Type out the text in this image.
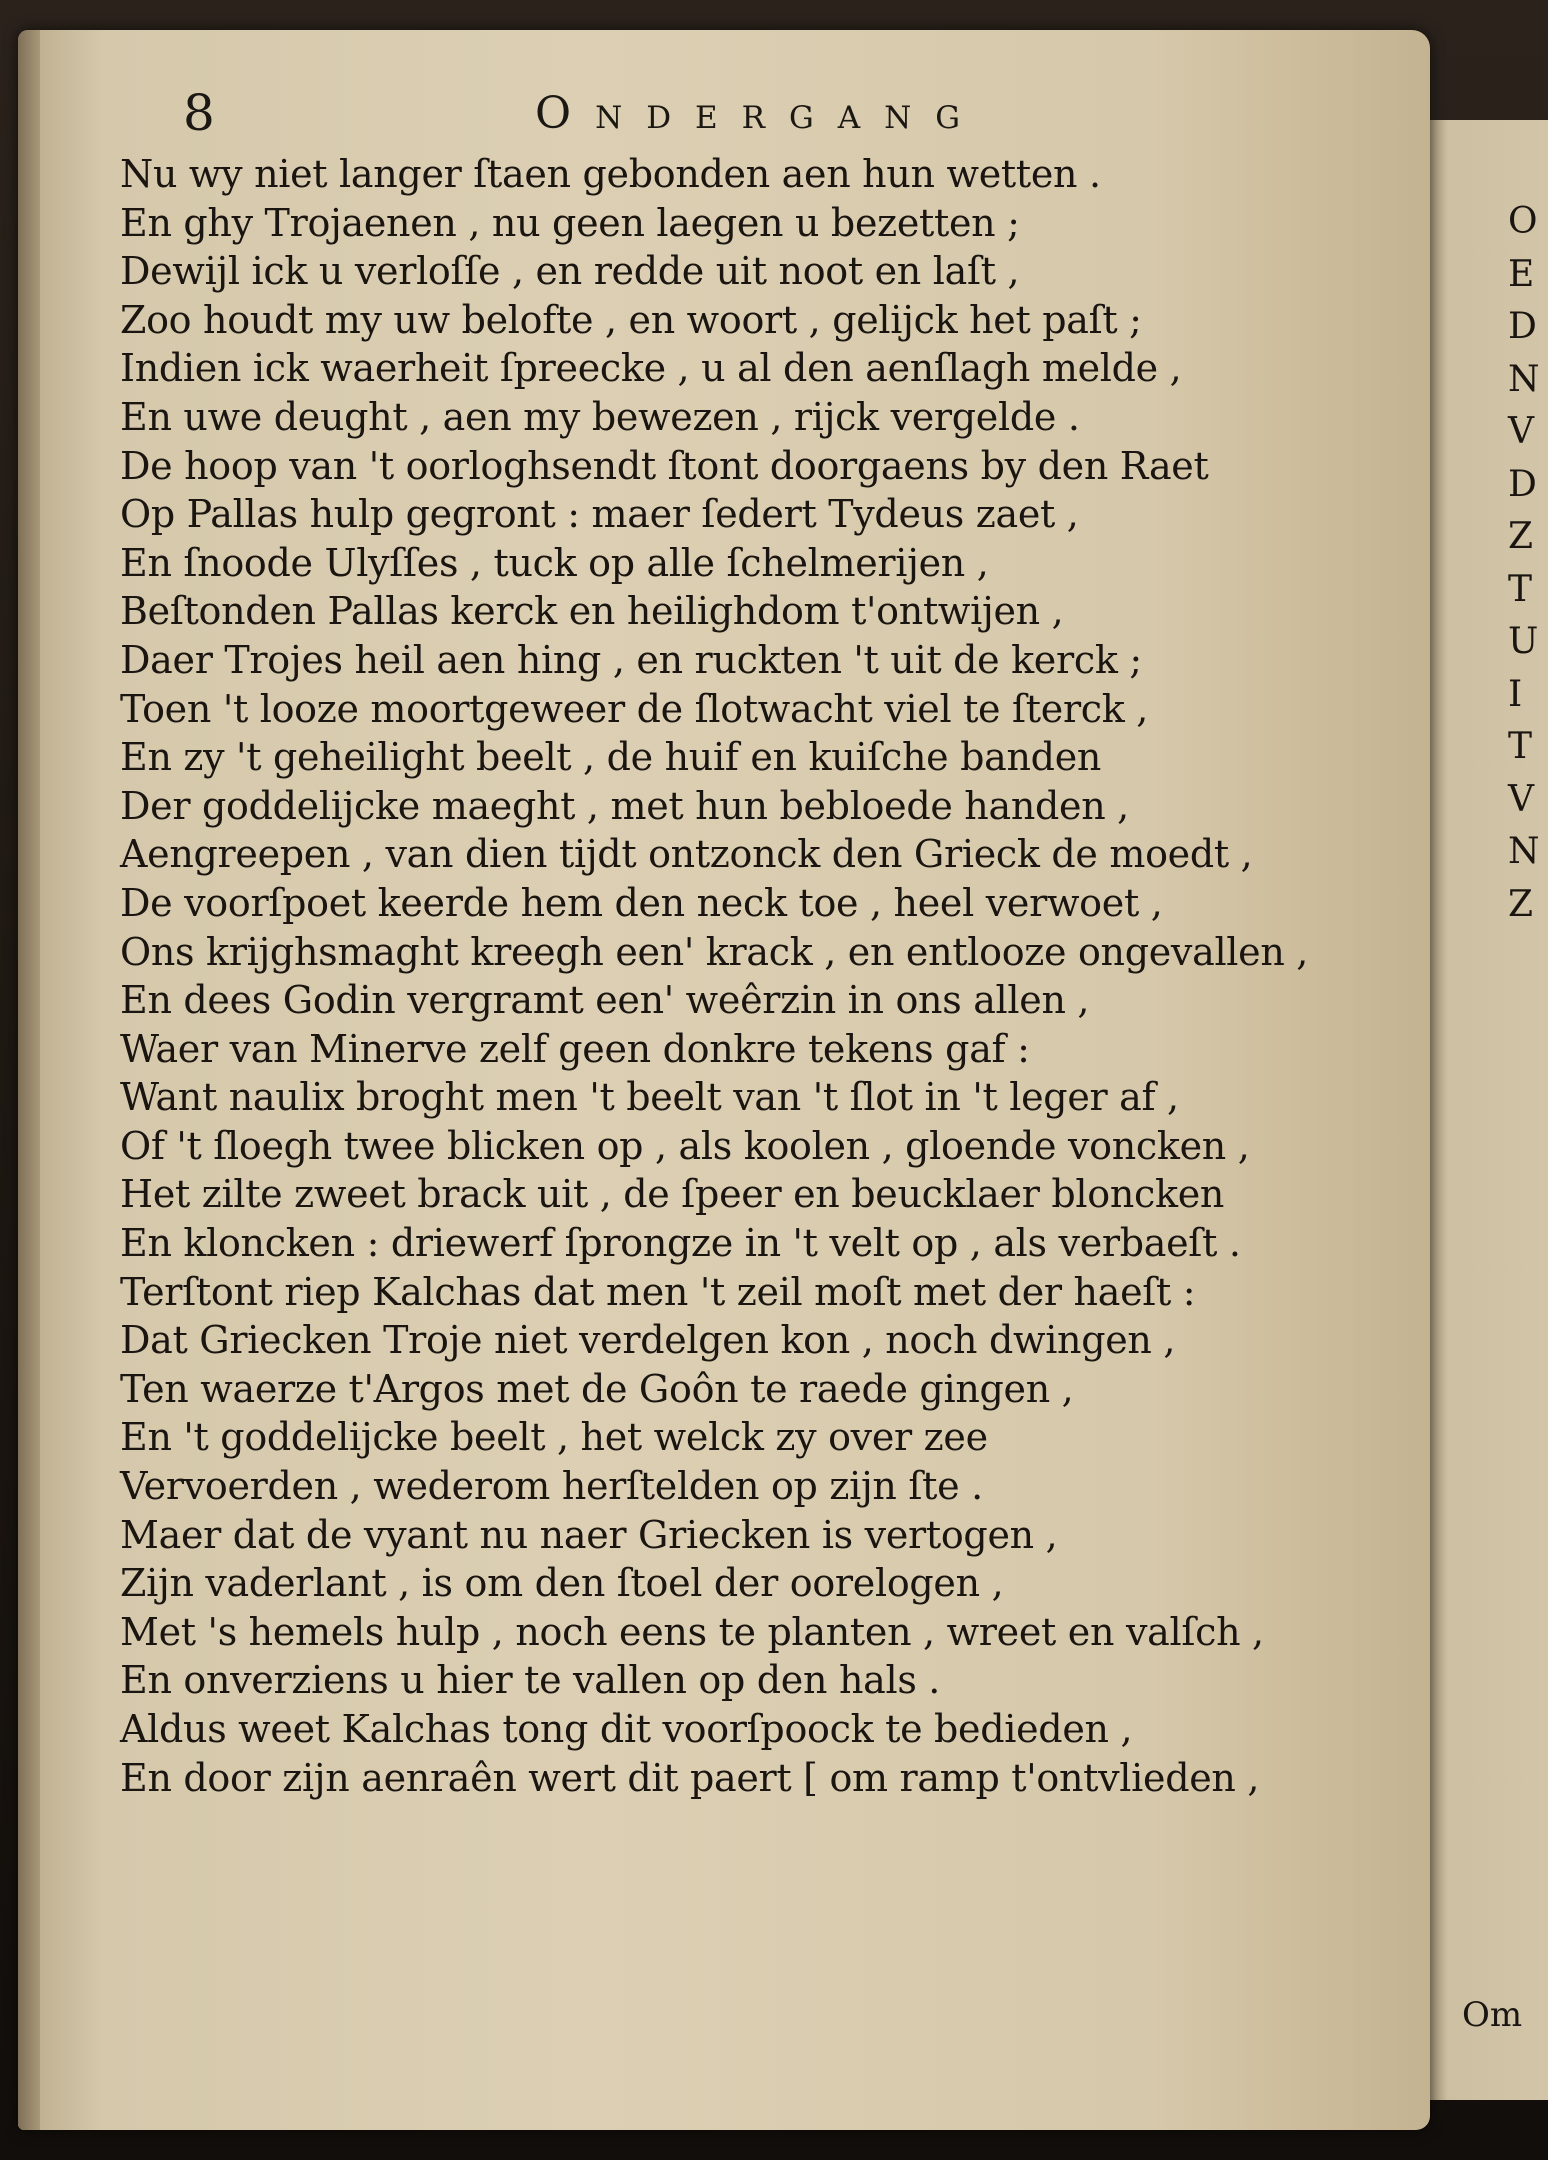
O
E
D
N
V
D
Z
T
U
I
T
V
N
Z
8	Ondergang
Nu wy niet langer ſtaen gebonden aen hun wetten .
En ghy Trojaenen , nu geen laegen u bezetten ;
Dewijl ick u verloſſe , en redde uit noot en laſt ,
Zoo houdt my uw belofte , en woort , gelijck het paſt ;
Indien ick waerheit ſpreecke , u al den aenſlagh melde ,
En uwe deught , aen my bewezen , rijck vergelde .
De hoop van 't oorloghsendt ſtont doorgaens by den Raet
Op Pallas hulp gegront : maer ſedert Tydeus zaet ,
En ſnoode Ulyſſes , tuck op alle ſchelmerijen ,
Beſtonden Pallas kerck en heilighdom t'ontwijen ,
Daer Trojes heil aen hing , en ruckten 't uit de kerck ;
Toen 't looze moortgeweer de ſlotwacht viel te ſterck ,
En zy 't geheilight beelt , de huif en kuiſche banden
Der goddelijcke maeght , met hun bebloede handen ,
Aengreepen , van dien tijdt ontzonck den Grieck de moedt ,
De voorſpoet keerde hem den neck toe , heel verwoet ,
Ons krijghsmaght kreegh een' krack , en entlooze ongevallen ,
En dees Godin vergramt een' weêrzin in ons allen ,
Waer van Minerve zelf geen donkre tekens gaf :
Want naulix broght men 't beelt van 't ſlot in 't leger af ,
Of 't ſloegh twee blicken op , als koolen , gloende voncken ,
Het zilte zweet brack uit , de ſpeer en beucklaer bloncken
En kloncken : driewerf ſprongze in 't velt op , als verbaeſt .
Terſtont riep Kalchas dat men 't zeil moſt met der haeſt :
Dat Griecken Troje niet verdelgen kon , noch dwingen ,
Ten waerze t'Argos met de Goôn te raede gingen ,
En 't goddelijcke beelt , het welck zy over zee
Vervoerden , wederom herſtelden op zijn ſte .
Maer dat de vyant nu naer Griecken is vertogen ,
Zijn vaderlant , is om den ſtoel der oorelogen ,
Met 's hemels hulp , noch eens te planten , wreet en valſch ,
En onverziens u hier te vallen op den hals .
Aldus weet Kalchas tong dit voorſpoock te bedieden ,
En door zijn aenraên wert dit paert [ om ramp t'ontvlieden ,
Om
